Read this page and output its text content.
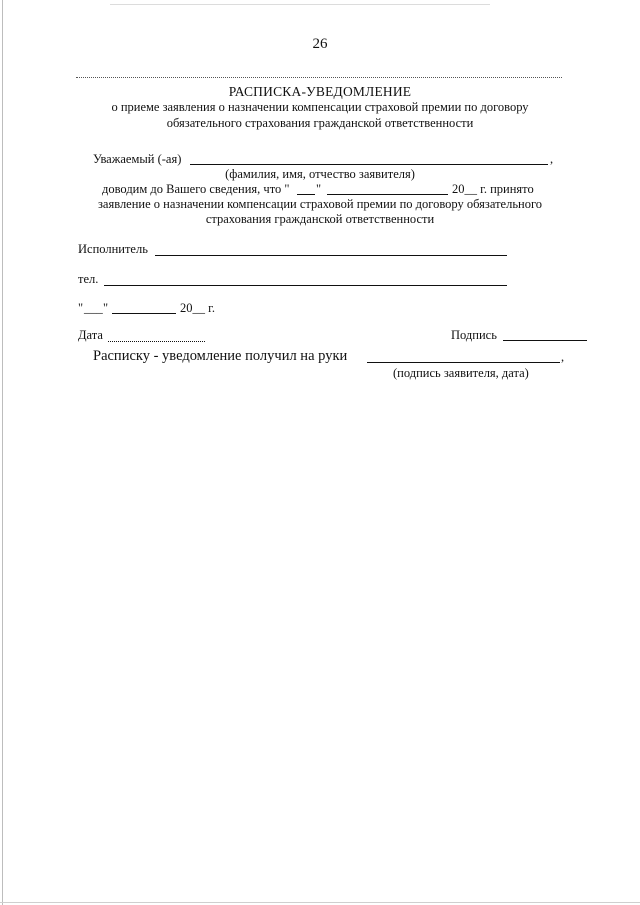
26
РАСПИСКА-УВЕДОМЛЕНИЕ
о приеме заявления о назначении компенсации страховой премии по договору
обязательного страхования гражданской ответственности
Уважаемый (-ая)	,
(фамилия, имя, отчество заявителя)
доводим до Вашего сведения, что " "	20__ г. принято
заявление о назначении компенсации страховой премии по договору обязательного
страхования гражданской ответственности
Исполнитель
тел.
" ___ "	20__ г.
Дата	Подпись
Расписку - уведомление получил на руки	,
(подпись заявителя, дата)
